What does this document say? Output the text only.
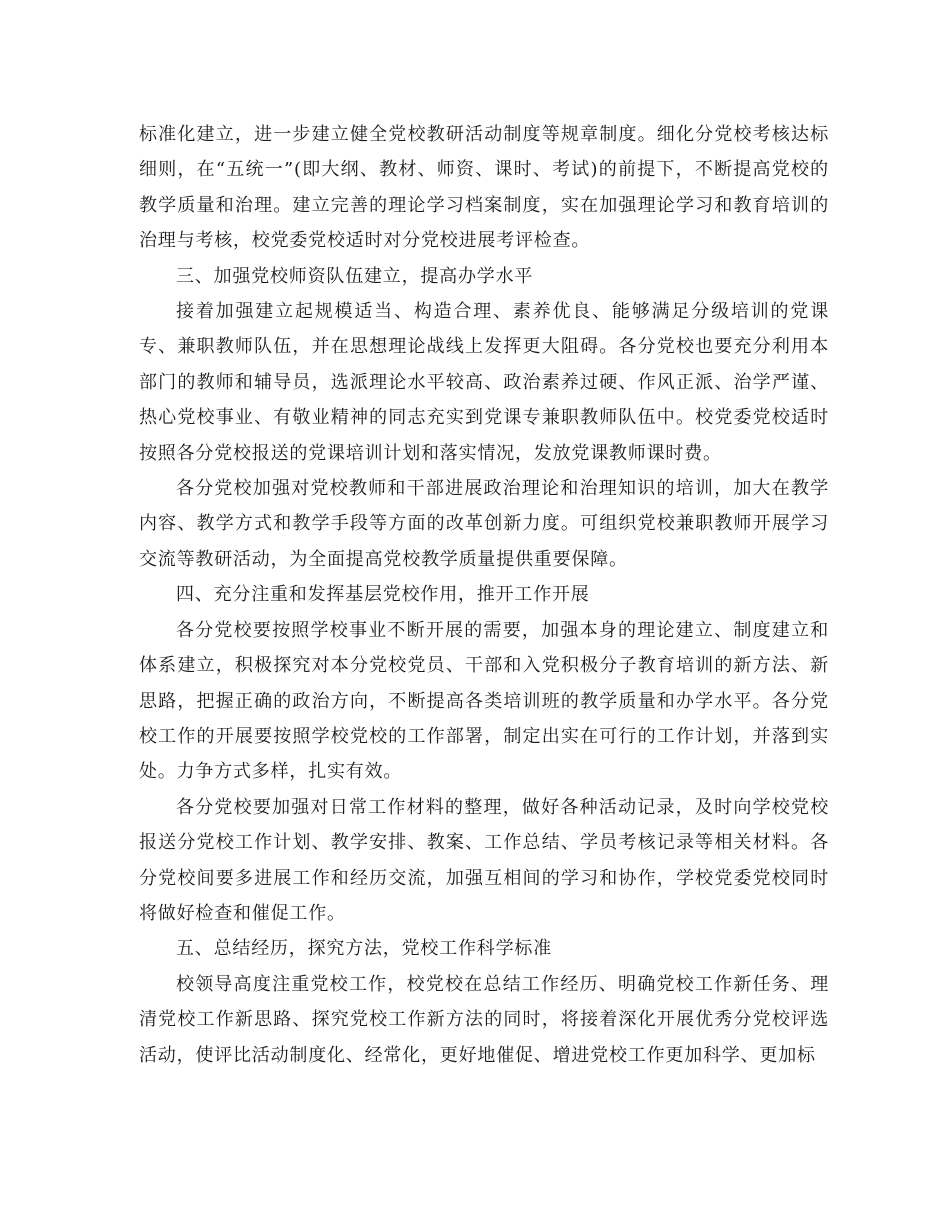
标准化建立，进一步建立健全党校教研活动制度等规章制度。细化分党校考核达标细则，在“五统一”(即大纲、教材、师资、课时、考试)的前提下，不断提高党校的教学质量和治理。建立完善的理论学习档案制度，实在加强理论学习和教育培训的治理与考核，校党委党校适时对分党校进展考评检查。

三、加强党校师资队伍建立，提高办学水平

接着加强建立起规模适当、构造合理、素养优良、能够满足分级培训的党课专、兼职教师队伍，并在思想理论战线上发挥更大阻碍。各分党校也要充分利用本部门的教师和辅导员，选派理论水平较高、政治素养过硬、作风正派、治学严谨、热心党校事业、有敬业精神的同志充实到党课专兼职教师队伍中。校党委党校适时按照各分党校报送的党课培训计划和落实情况，发放党课教师课时费。

各分党校加强对党校教师和干部进展政治理论和治理知识的培训，加大在教学内容、教学方式和教学手段等方面的改革创新力度。可组织党校兼职教师开展学习交流等教研活动，为全面提高党校教学质量提供重要保障。

四、充分注重和发挥基层党校作用，推开工作开展

各分党校要按照学校事业不断开展的需要，加强本身的理论建立、制度建立和体系建立，积极探究对本分党校党员、干部和入党积极分子教育培训的新方法、新思路，把握正确的政治方向，不断提高各类培训班的教学质量和办学水平。各分党校工作的开展要按照学校党校的工作部署，制定出实在可行的工作计划，并落到实处。力争方式多样，扎实有效。

各分党校要加强对日常工作材料的整理，做好各种活动记录，及时向学校党校报送分党校工作计划、教学安排、教案、工作总结、学员考核记录等相关材料。各分党校间要多进展工作和经历交流，加强互相间的学习和协作，学校党委党校同时将做好检查和催促工作。

五、总结经历，探究方法，党校工作科学标准

校领导高度注重党校工作，校党校在总结工作经历、明确党校工作新任务、理清党校工作新思路、探究党校工作新方法的同时，将接着深化开展优秀分党校评选活动，使评比活动制度化、经常化，更好地催促、增进党校工作更加科学、更加标
